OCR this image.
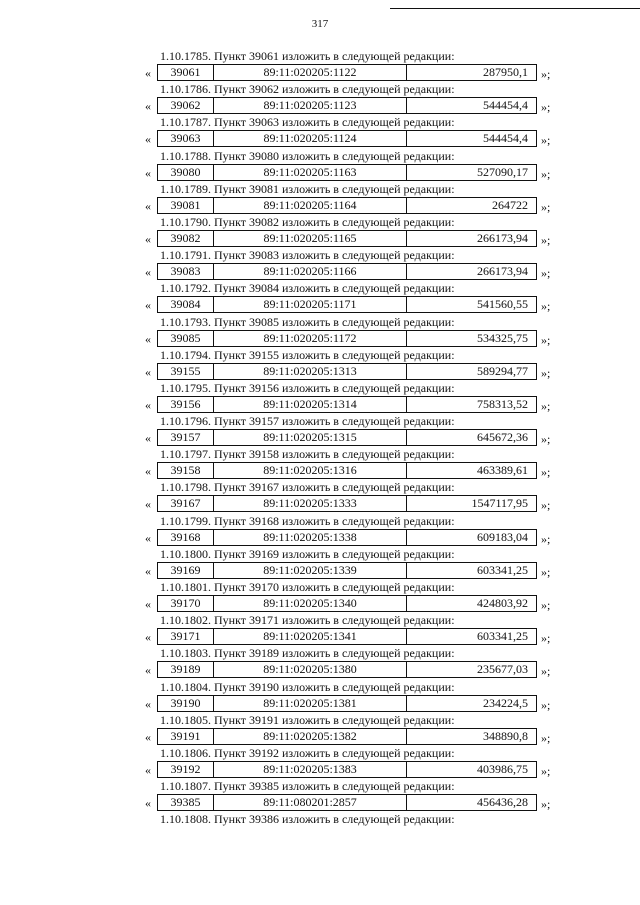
317
1.10.1785. Пункт 39061 изложить в следующей редакции:
«	39061	89:11:020205:1122	287950,1	»;
1.10.1786. Пункт 39062 изложить в следующей редакции:
«	39062	89:11:020205:1123	544454,4	»;
1.10.1787. Пункт 39063 изложить в следующей редакции:
«	39063	89:11:020205:1124	544454,4	»;
1.10.1788. Пункт 39080 изложить в следующей редакции:
«	39080	89:11:020205:1163	527090,17	»;
1.10.1789. Пункт 39081 изложить в следующей редакции:
«	39081	89:11:020205:1164	264722	»;
1.10.1790. Пункт 39082 изложить в следующей редакции:
«	39082	89:11:020205:1165	266173,94	»;
1.10.1791. Пункт 39083 изложить в следующей редакции:
«	39083	89:11:020205:1166	266173,94	»;
1.10.1792. Пункт 39084 изложить в следующей редакции:
«	39084	89:11:020205:1171	541560,55	»;
1.10.1793. Пункт 39085 изложить в следующей редакции:
«	39085	89:11:020205:1172	534325,75	»;
1.10.1794. Пункт 39155 изложить в следующей редакции:
«	39155	89:11:020205:1313	589294,77	»;
1.10.1795. Пункт 39156 изложить в следующей редакции:
«	39156	89:11:020205:1314	758313,52	»;
1.10.1796. Пункт 39157 изложить в следующей редакции:
«	39157	89:11:020205:1315	645672,36	»;
1.10.1797. Пункт 39158 изложить в следующей редакции:
«	39158	89:11:020205:1316	463389,61	»;
1.10.1798. Пункт 39167 изложить в следующей редакции:
«	39167	89:11:020205:1333	1547117,95	»;
1.10.1799. Пункт 39168 изложить в следующей редакции:
«	39168	89:11:020205:1338	609183,04	»;
1.10.1800. Пункт 39169 изложить в следующей редакции:
«	39169	89:11:020205:1339	603341,25	»;
1.10.1801. Пункт 39170 изложить в следующей редакции:
«	39170	89:11:020205:1340	424803,92	»;
1.10.1802. Пункт 39171 изложить в следующей редакции:
«	39171	89:11:020205:1341	603341,25	»;
1.10.1803. Пункт 39189 изложить в следующей редакции:
«	39189	89:11:020205:1380	235677,03	»;
1.10.1804. Пункт 39190 изложить в следующей редакции:
«	39190	89:11:020205:1381	234224,5	»;
1.10.1805. Пункт 39191 изложить в следующей редакции:
«	39191	89:11:020205:1382	348890,8	»;
1.10.1806. Пункт 39192 изложить в следующей редакции:
«	39192	89:11:020205:1383	403986,75	»;
1.10.1807. Пункт 39385 изложить в следующей редакции:
«	39385	89:11:080201:2857	456436,28	»;
1.10.1808. Пункт 39386 изложить в следующей редакции:
